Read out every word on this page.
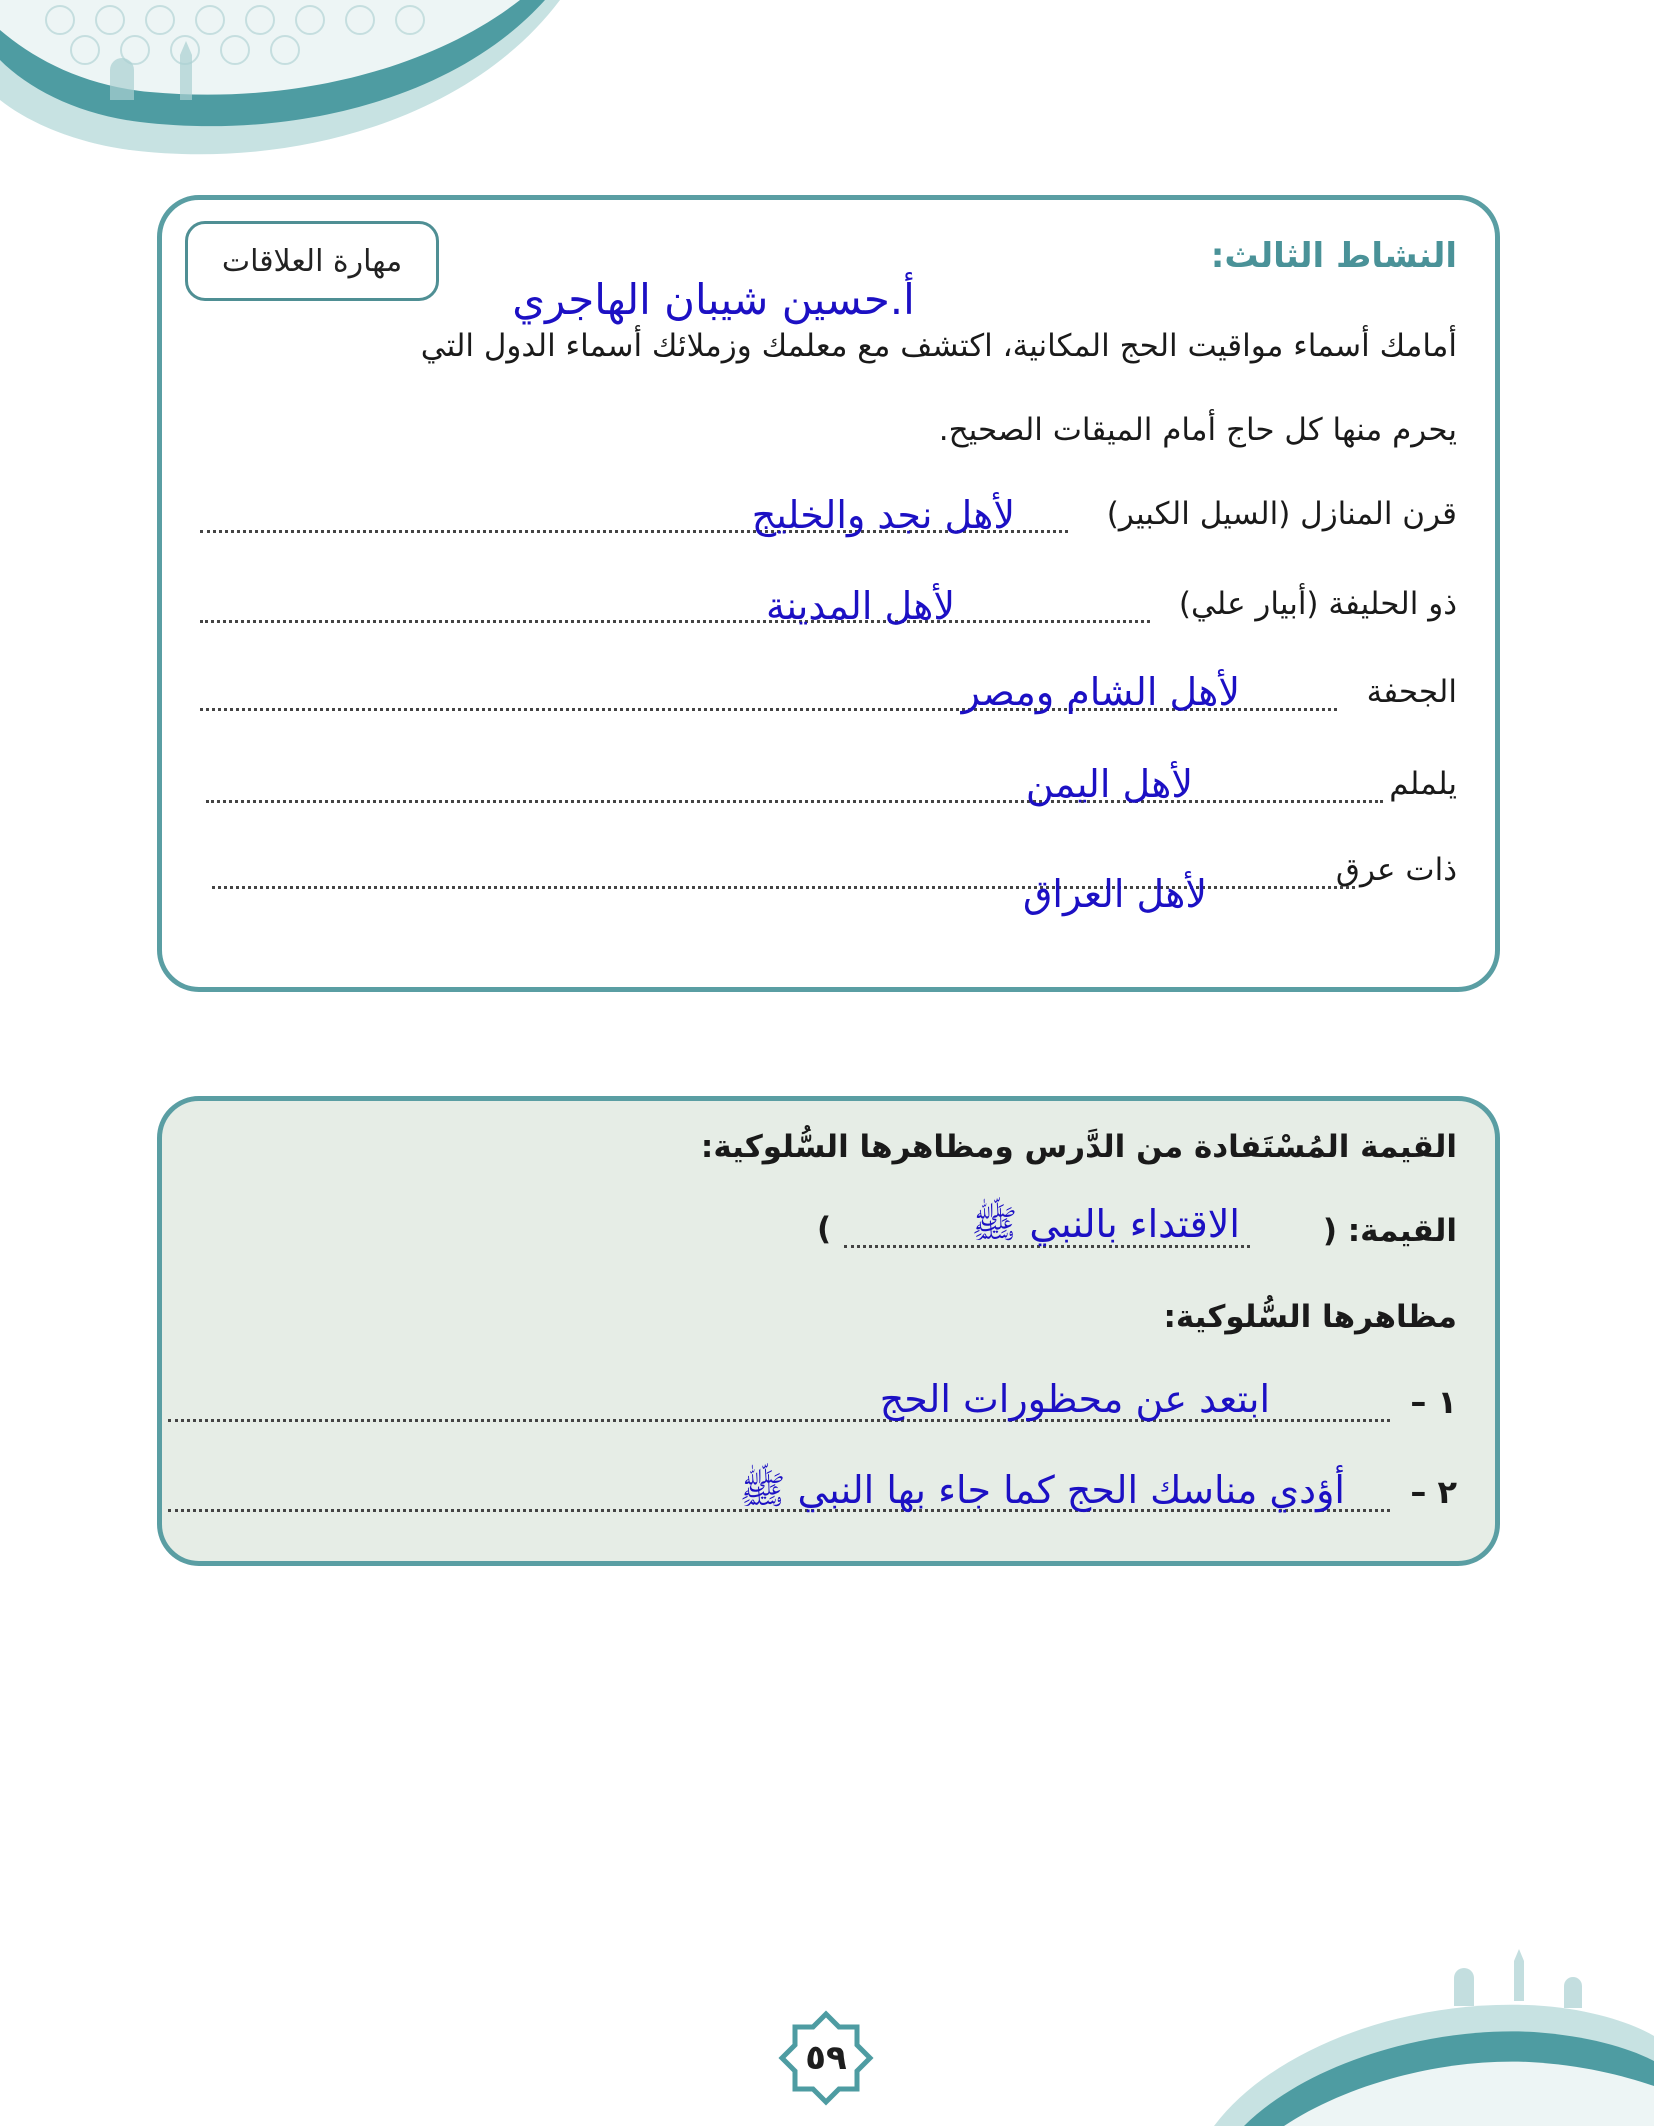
النشاط الثالث:
مهارة العلاقات
أ.حسين شيبان الهاجري
أمامك أسماء مواقيت الحج المكانية، اكتشف مع معلمك وزملائك أسماء الدول التي
يحرم منها كل حاج أمام الميقات الصحيح.
قرن المنازل (السيل الكبير)
لأهل نجد والخليج
ذو الحليفة (أبيار علي)
لأهل المدينة
الجحفة
لأهل الشام ومصر
يلملم
لأهل اليمن
ذات عرق
لأهل العراق
القيمة المُسْتَفادة من الدَّرس ومظاهرها السُّلوكية:
القيمة: (
)	الاقتداء بالنبي ﷺ
مظاهرها السُّلوكية:
١ –
ابتعد عن محظورات الحج
٢ –
أؤدي مناسك الحج كما جاء بها النبي ﷺ
٥٩
